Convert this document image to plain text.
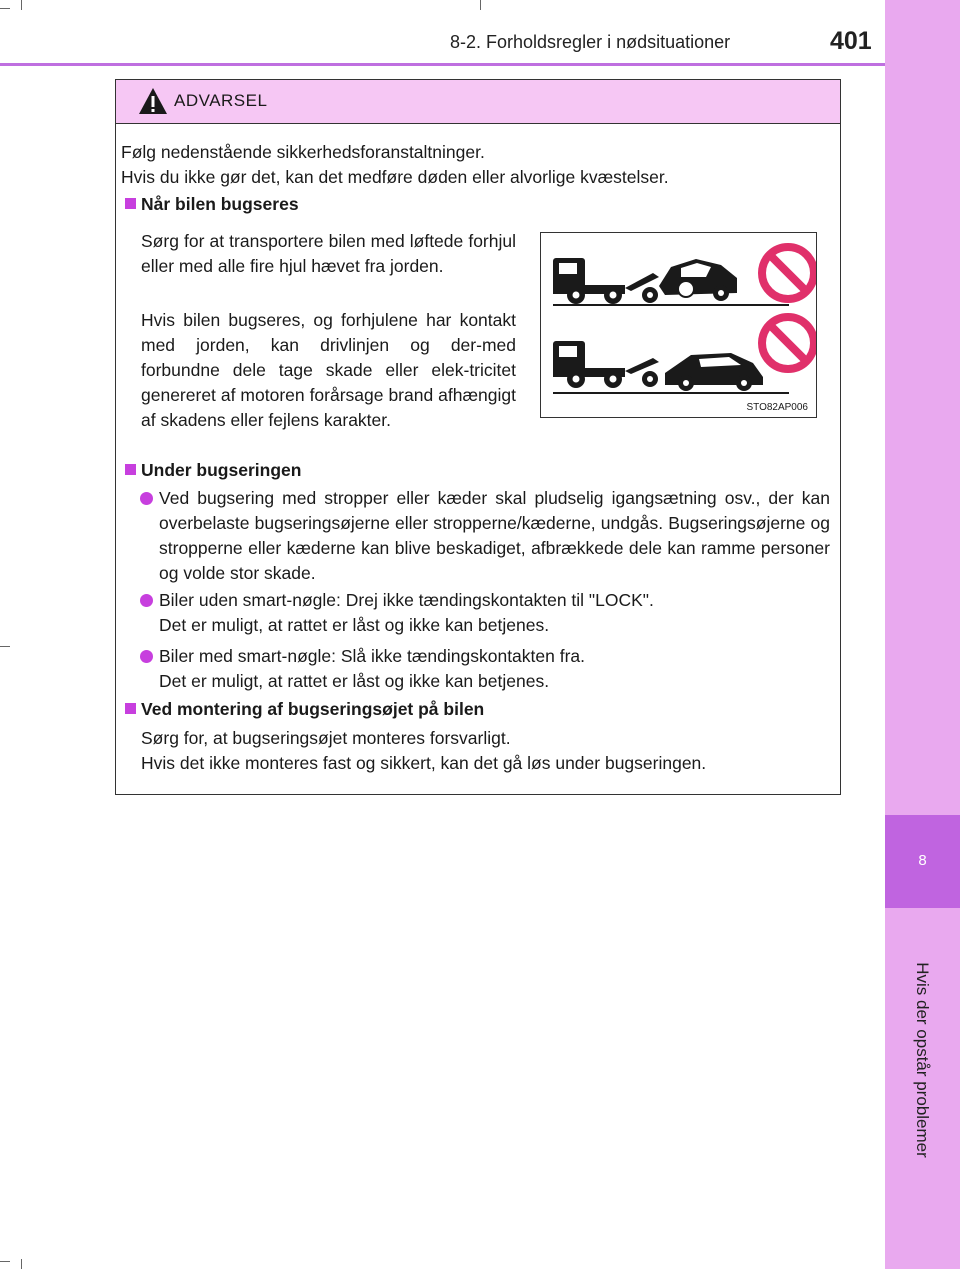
8
Hvis der opstår problemer
8-2. Forholdsregler i nødsituationer	401
ADVARSEL
Følg nedenstående sikkerhedsforanstaltninger.
Hvis du ikke gør det, kan det medføre døden eller alvorlige kvæstelser.
Når bilen bugseres
Sørg for at transportere bilen med løftede forhjul eller med alle fire hjul hævet fra jorden.
Hvis bilen bugseres, og forhjulene har kontakt med jorden, kan drivlinjen og der-med forbundne dele tage skade eller elek-tricitet genereret af motoren forårsage brand afhængigt af skadens eller fejlens karakter.
STO82AP006
Under bugseringen
Ved bugsering med stropper eller kæder skal pludselig igangsætning osv., der kan overbelaste bugseringsøjerne eller stropperne/kæderne, undgås. Bugseringsøjerne og stropperne eller kæderne kan blive beskadiget, afbrækkede dele kan ramme personer og volde stor skade.
Biler uden smart-nøgle: Drej ikke tændingskontakten til "LOCK".
Det er muligt, at rattet er låst og ikke kan betjenes.
Biler med smart-nøgle: Slå ikke tændingskontakten fra.
Det er muligt, at rattet er låst og ikke kan betjenes.
Ved montering af bugseringsøjet på bilen
Sørg for, at bugseringsøjet monteres forsvarligt.
Hvis det ikke monteres fast og sikkert, kan det gå løs under bugseringen.
